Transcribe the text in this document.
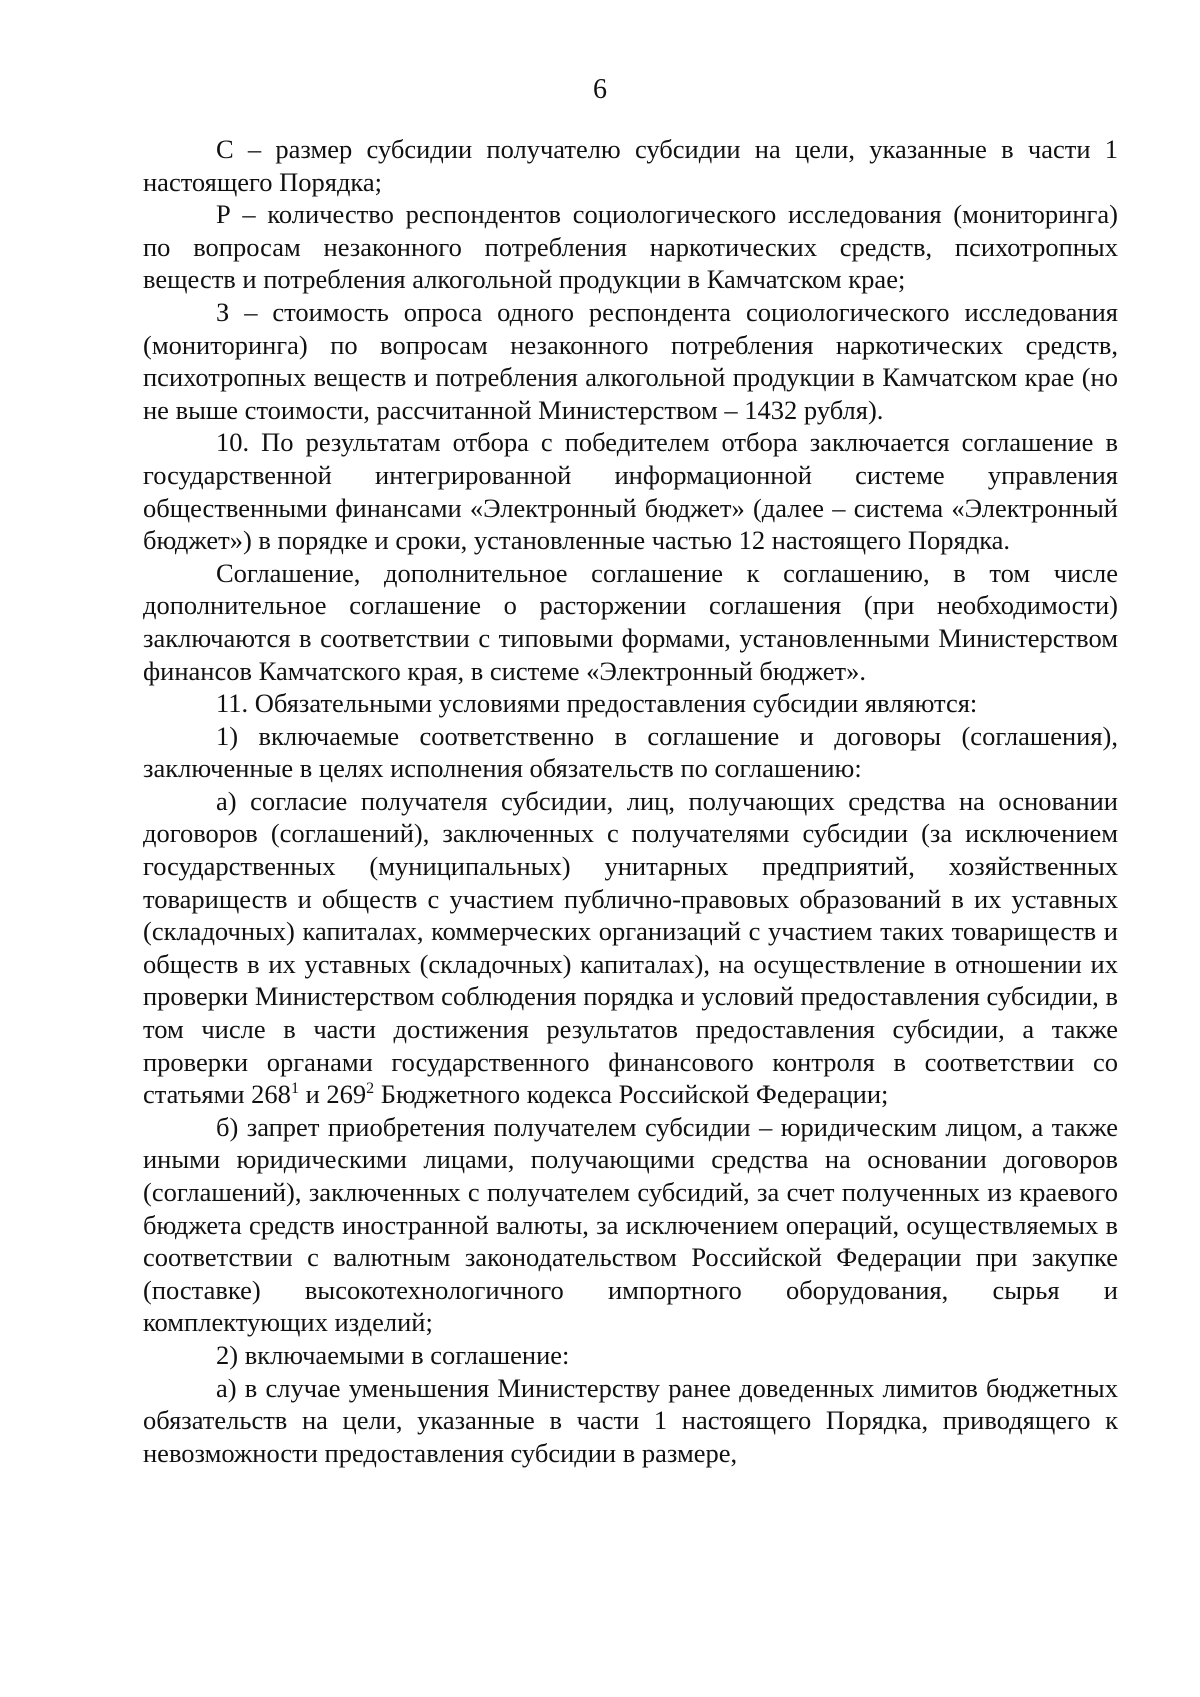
6

С – размер субсидии получателю субсидии на цели, указанные в части 1 настоящего Порядка;

Р – количество респондентов социологического исследования (мониторинга) по вопросам незаконного потребления наркотических средств, психотропных веществ и потребления алкогольной продукции в Камчатском крае;

З – стоимость опроса одного респондента социологического исследования (мониторинга) по вопросам незаконного потребления наркотических средств, психотропных веществ и потребления алкогольной продукции в Камчатском крае (но не выше стоимости, рассчитанной Министерством – 1432 рубля).

10. По результатам отбора с победителем отбора заключается соглашение в государственной интегрированной информационной системе управления общественными финансами «Электронный бюджет» (далее – система «Электронный бюджет») в порядке и сроки, установленные частью 12 настоящего Порядка.

Соглашение, дополнительное соглашение к соглашению, в том числе дополнительное соглашение о расторжении соглашения (при необходимости) заключаются в соответствии с типовыми формами, установленными Министерством финансов Камчатского края, в системе «Электронный бюджет».

11. Обязательными условиями предоставления субсидии являются:

1) включаемые соответственно в соглашение и договоры (соглашения), заключенные в целях исполнения обязательств по соглашению:

а) согласие получателя субсидии, лиц, получающих средства на основании договоров (соглашений), заключенных с получателями субсидии (за исключением государственных (муниципальных) унитарных предприятий, хозяйственных товариществ и обществ с участием публично-правовых образований в их уставных (складочных) капиталах, коммерческих организаций с участием таких товариществ и обществ в их уставных (складочных) капиталах), на осуществление в отношении их проверки Министерством соблюдения порядка и условий предоставления субсидии, в том числе в части достижения результатов предоставления субсидии, а также проверки органами государственного финансового контроля в соответствии со статьями $268^1$ и $269^2$ Бюджетного кодекса Российской Федерации;

б) запрет приобретения получателем субсидии – юридическим лицом, а также иными юридическими лицами, получающими средства на основании договоров (соглашений), заключенных с получателем субсидий, за счет полученных из краевого бюджета средств иностранной валюты, за исключением операций, осуществляемых в соответствии с валютным законодательством Российской Федерации при закупке (поставке) высокотехнологичного импортного оборудования, сырья и комплектующих изделий;

2) включаемыми в соглашение:

а) в случае уменьшения Министерству ранее доведенных лимитов бюджетных обязательств на цели, указанные в части 1 настоящего Порядка, приводящего к невозможности предоставления субсидии в размере,
